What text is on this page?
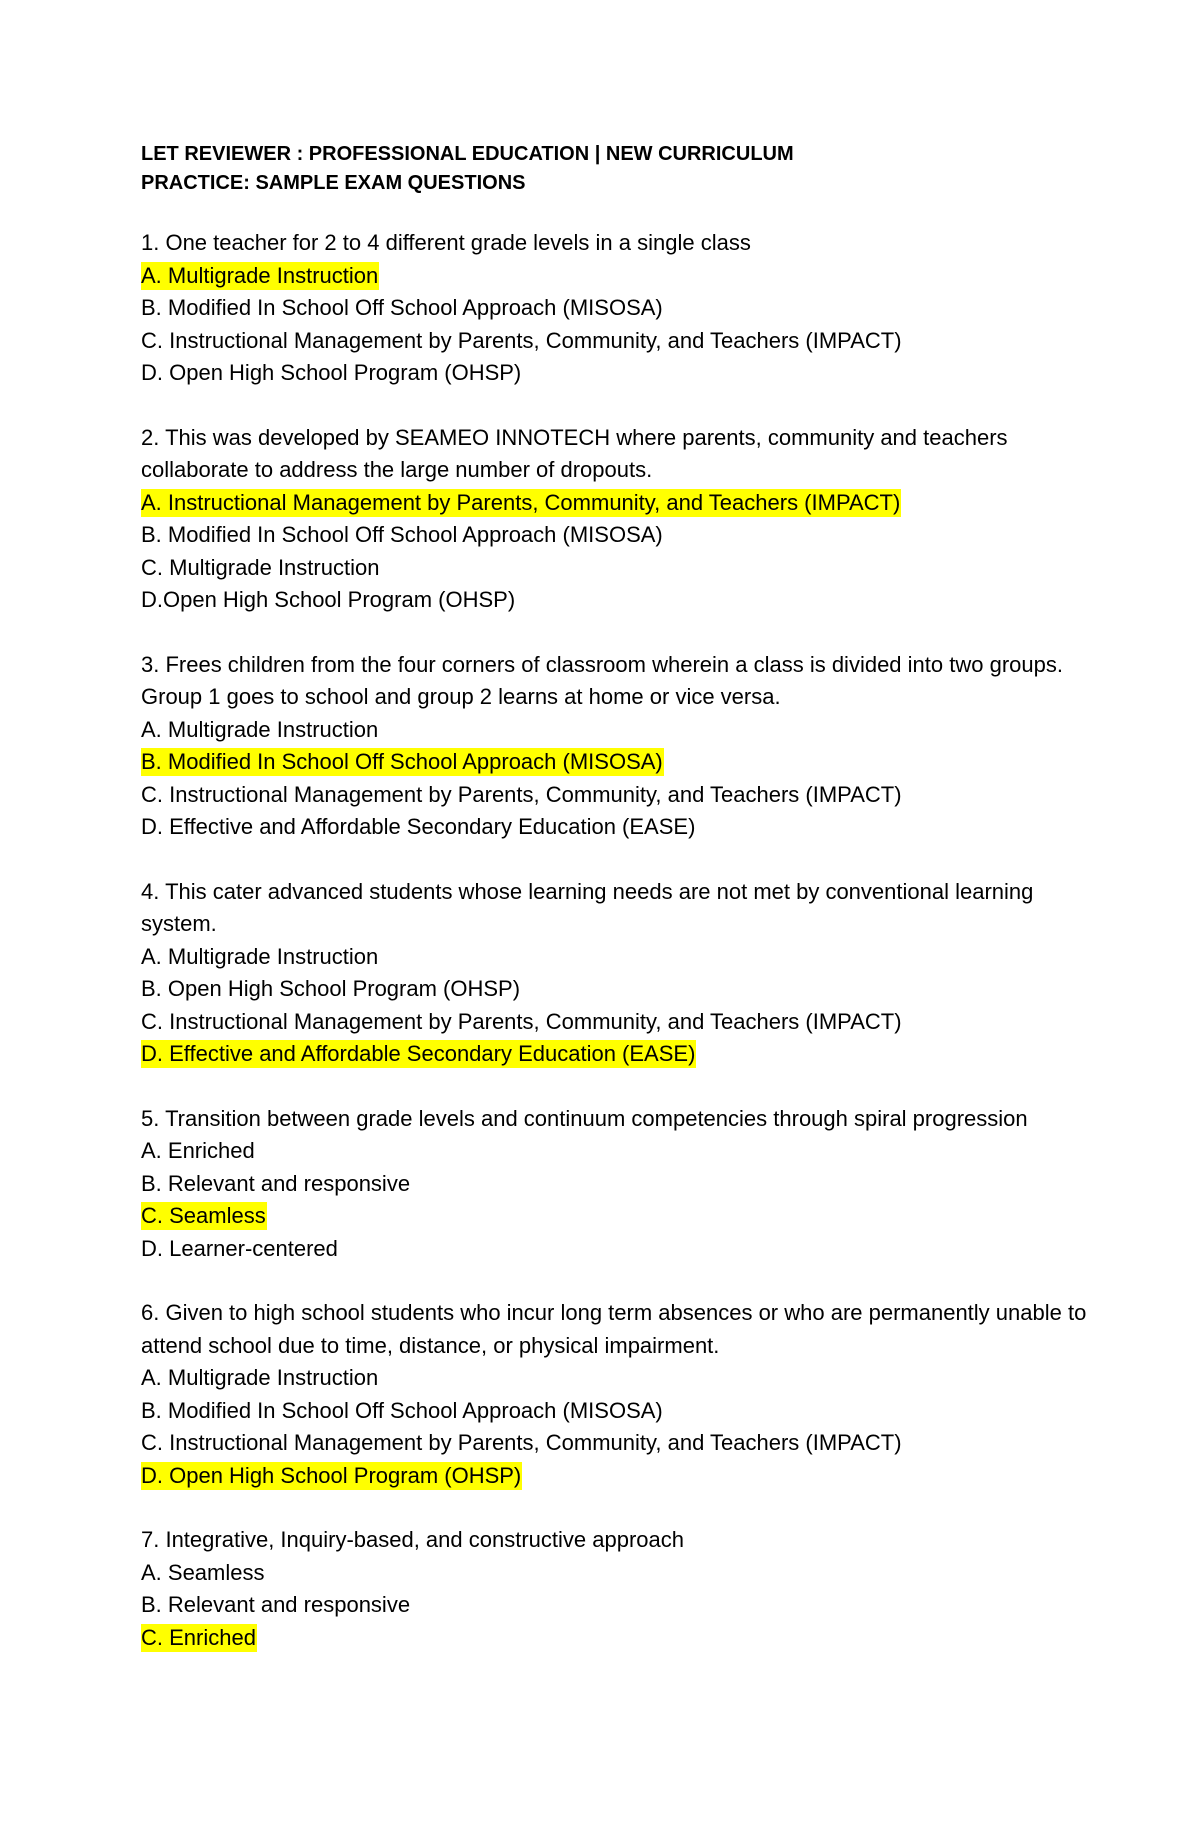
LET REVIEWER : PROFESSIONAL EDUCATION | NEW CURRICULUM
PRACTICE: SAMPLE EXAM QUESTIONS
1. One teacher for 2 to 4 different grade levels in a single class
A. Multigrade Instruction
B. Modified In School Off School Approach (MISOSA)
C. Instructional Management by Parents, Community, and Teachers (IMPACT)
D. Open High School Program (OHSP)
2. This was developed by SEAMEO INNOTECH where parents, community and teachers collaborate to address the large number of dropouts.
A. Instructional Management by Parents, Community, and Teachers (IMPACT)
B. Modified In School Off School Approach (MISOSA)
C. Multigrade Instruction
D.Open High School Program (OHSP)
3. Frees children from the four corners of classroom wherein a class is divided into two groups. Group 1 goes to school and group 2 learns at home or vice versa.
A. Multigrade Instruction
B. Modified In School Off School Approach (MISOSA)
C. Instructional Management by Parents, Community, and Teachers (IMPACT)
D. Effective and Affordable Secondary Education (EASE)
4. This cater advanced students whose learning needs are not met by conventional learning system.
A. Multigrade Instruction
B. Open High School Program (OHSP)
C. Instructional Management by Parents, Community, and Teachers (IMPACT)
D. Effective and Affordable Secondary Education (EASE)
5. Transition between grade levels and continuum competencies through spiral progression
A. Enriched
B. Relevant and responsive
C. Seamless
D. Learner-centered
6. Given to high school students who incur long term absences or who are permanently unable to attend school due to time, distance, or physical impairment.
A. Multigrade Instruction
B. Modified In School Off School Approach (MISOSA)
C. Instructional Management by Parents, Community, and Teachers (IMPACT)
D. Open High School Program (OHSP)
7. Integrative, Inquiry-based, and constructive approach
A. Seamless
B. Relevant and responsive
C. Enriched
